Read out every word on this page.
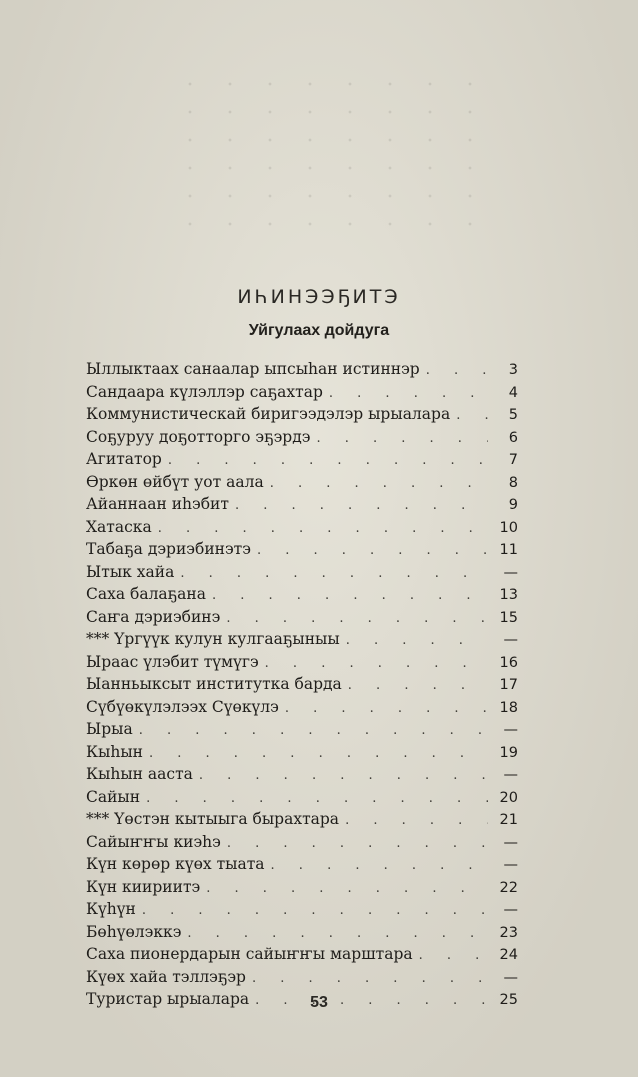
ИҺИНЭЭҔИТЭ
Уйгулаах дойдуга
Ыллыктаах санаалар ыпсыһан истиннэр . . .	3
Сандаара күлэллэр саҕахтар . . .	4
Коммунистическай биригээдэлэр ырыалара . . .	5
Соҕуруу доҕотторго эҕэрдэ . . .	6
Агитатор . . .	7
Өркөн өйбүт уот аала . . .	8
Айаннаан иһэбит . . .	9
Хатаска . . .	10
Табаҕа дэриэбинэтэ . . .	11
Ытык хайа . . .	—
Саха балаҕана . . .	13
Саҥа дэриэбинэ . . .	15
*** Үргүүк кулун кулгааҕыныы . . .	—
Ыраас үлэбит түмүгэ . . .	16
Ыанньыксыт институтка барда . . .	17
Сүбүөкүлэлээх Сүөкүлэ . . .	18
Ырыа . . .	—
Кыһын . . .	19
Кыһын ааста . . .	—
Сайын . . .	20
*** Үөстэн кытыыга бырахтара . . .	21
Сайыҥҥы киэһэ . . .	—
Күн көрөр күөх тыата . . .	—
Күн киириитэ . . .	22
Күһүн . . .	—
Бөһүөлэккэ . . .	23
Саха пионердарын сайыҥҥы марштара . . .	24
Күөх хайа тэллэҕэр . . .	—
Туристар ырыалара . . .	25
53
